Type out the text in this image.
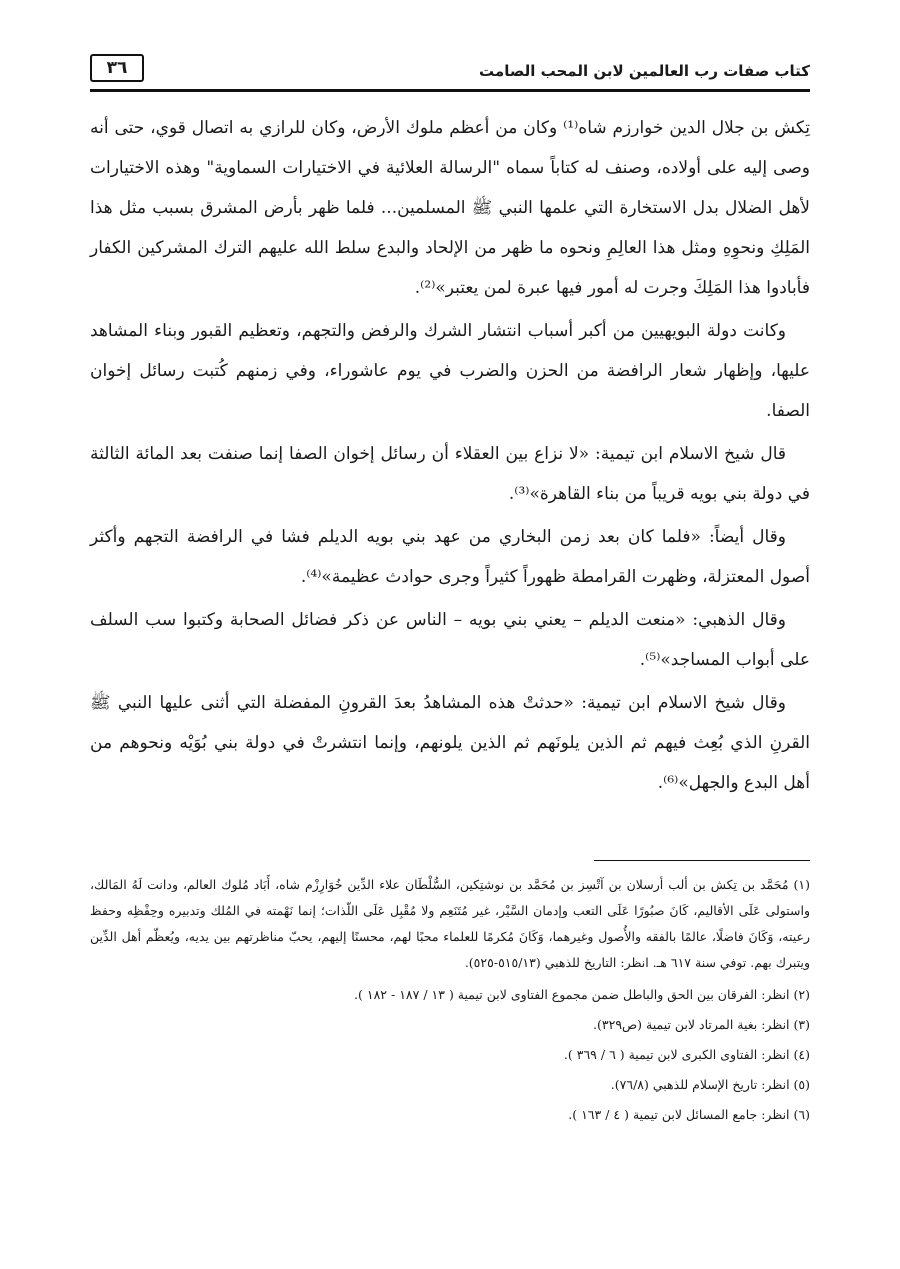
كتاب صفات رب العالمين لابن المحب الصامت
٣٦

تِكش بن جلال الدين خوارزم شاه⁽¹⁾ وكان من أعظم ملوك الأرض، وكان للرازي به اتصال قوي، حتى أنه وصى إليه على أولاده، وصنف له كتاباً سماه "الرسالة العلائية في الاختيارات السماوية" وهذه الاختيارات لأهل الضلال بدل الاستخارة التي علمها النبي ﷺ المسلمين... فلما ظهر بأرض المشرق بسبب مثل هذا المَلِكِ ونحوِهِ ومثل هذا العالِمِ ونحوه ما ظهر من الإلحاد والبدع سلط الله عليهم الترك المشركين الكفار فأبادوا هذا المَلِكَ وجرت له أمور فيها عبرة لمن يعتبر»⁽²⁾.

وكانت دولة البويهيين من أكبر أسباب انتشار الشرك والرفض والتجهم، وتعظيم القبور وبناء المشاهد عليها، وإظهار شعار الرافضة من الحزن والضرب في يوم عاشوراء، وفي زمنهم كُتبت رسائل إخوان الصفا.

قال شيخ الاسلام ابن تيمية: «لا نزاع بين العقلاء أن رسائل إخوان الصفا إنما صنفت بعد المائة الثالثة في دولة بني بويه قريباً من بناء القاهرة»⁽³⁾.

وقال أيضاً: «فلما كان بعد زمن البخاري من عهد بني بويه الديلم فشا في الرافضة التجهم وأكثر أصول المعتزلة، وظهرت القرامطة ظهوراً كثيراً وجرى حوادث عظيمة»⁽⁴⁾.

وقال الذهبي: «منعت الديلم – يعني بني بويه – الناس عن ذكر فضائل الصحابة وكتبوا سب السلف على أبواب المساجد»⁽⁵⁾.

وقال شيخ الاسلام ابن تيمية: «حدثتْ هذه المشاهدُ بعدَ القرونِ المفضلة التي أثنى عليها النبي ﷺ القرنِ الذي بُعِث فيهم ثم الذين يلونَهم ثم الذين يلونهم، وإنما انتشرتْ في دولة بني بُوَيْه ونحوهم من أهل البدع والجهل»⁽⁶⁾.

(١) مُحَمَّد بن تِكش بن ألب أرسلان بن آتْسِز بن مُحَمَّد بن نوشتِكين، السُّلْطَان علاء الدِّين خُوَارِزْم شاه، أَبَاد مُلوك العالم، ودانت لَهُ المَالك، واستولى عَلَى الأقاليم، كَانَ صبُورًا عَلَى التعب وإدمان السَّيْر، غير مُتَنَعِم ولا مُقْبِل عَلَى اللّذات؛ إنما نَهْمته في المُلك وتدبيره وحِفْظِه وحفظ رعيته، وَكَانَ فاضلًا، عالمًا بالفقه والأُصول وغيرهما، وَكَانَ مُكرمًا للعلماء محبًا لهم، محسنًا إليهم، يحبّ مناظرتهم بين يديه، ويُعظّم أهل الدِّين ويتبرك بهم. توفي سنة ٦١٧ هـ. انظر: التاريخ للذهبي (٥١٥/١٣-٥٢٥).

(٢) انظر: الفرقان بين الحق والباطل ضمن مجموع الفتاوى لابن تيمية ( ١٣ / ١٨٧ - ١٨٢ ).

(٣) انظر: بغية المرتاد لابن تيمية (ص٣٢٩).

(٤) انظر: الفتاوى الكبرى لابن تيمية ( ٦ / ٣٦٩ ).

(٥) انظر: تاريخ الإسلام للذهبي (٧٦/٨).

(٦) انظر: جامع المسائل لابن تيمية ( ٤ / ١٦٣ ).
